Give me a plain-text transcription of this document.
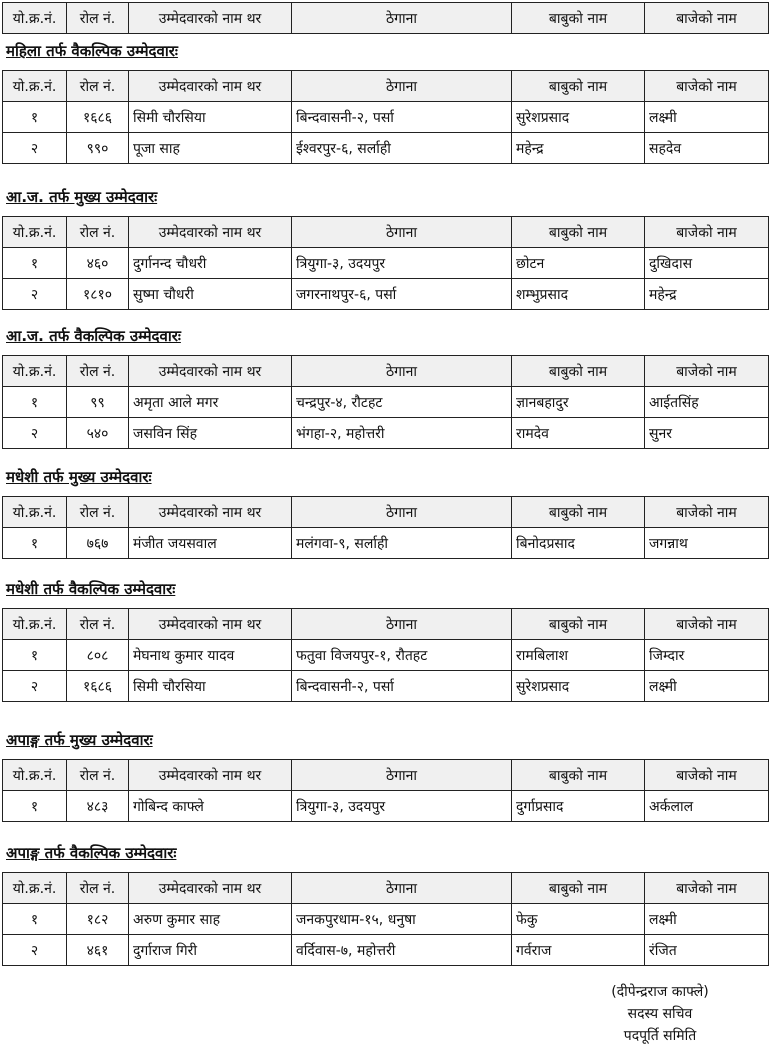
यो.क्र.नं.	रोल नं.	उम्मेदवारको नाम थर	ठेगाना	बाबुको नाम	बाजेको नाम
महिला तर्फ वैकल्पिक उम्मेदवारः
यो.क्र.नं.	रोल नं.	उम्मेदवारको नाम थर	ठेगाना	बाबुको नाम	बाजेको नाम
१	१६८६	सिमी चौरसिया	बिन्दवासनी-२, पर्सा	सुरेशप्रसाद	लक्ष्मी
२	९९०	पूजा साह	ईश्वरपुर-६, सर्लाही	महेन्द्र	सहदेव
आ.ज. तर्फ मुख्य उम्मेदवारः
यो.क्र.नं.	रोल नं.	उम्मेदवारको नाम थर	ठेगाना	बाबुको नाम	बाजेको नाम
१	४६०	दुर्गानन्द चौधरी	त्रियुगा-३, उदयपुर	छोटन	दुखिदास
२	१८१०	सुष्मा चौधरी	जगरनाथपुर-६, पर्सा	शम्भुप्रसाद	महेन्द्र
आ.ज. तर्फ वैकल्पिक उम्मेदवारः
यो.क्र.नं.	रोल नं.	उम्मेदवारको नाम थर	ठेगाना	बाबुको नाम	बाजेको नाम
१	९९	अमृता आले मगर	चन्द्रपुर-४, रौटहट	ज्ञानबहादुर	आईतसिंह
२	५४०	जसविन सिंह	भंगहा-२, महोत्तरी	रामदेव	सुनर
मधेशी तर्फ मुख्य उम्मेदवारः
यो.क्र.नं.	रोल नं.	उम्मेदवारको नाम थर	ठेगाना	बाबुको नाम	बाजेको नाम
१	७६७	मंजीत जयसवाल	मलंगवा-९, सर्लाही	बिनोदप्रसाद	जगन्नाथ
मधेशी तर्फ वैकल्पिक उम्मेदवारः
यो.क्र.नं.	रोल नं.	उम्मेदवारको नाम थर	ठेगाना	बाबुको नाम	बाजेको नाम
१	८०८	मेघनाथ कुमार यादव	फतुवा विजयपुर-१, रौतहट	रामबिलाश	जिम्दार
२	१६८६	सिमी चौरसिया	बिन्दवासनी-२, पर्सा	सुरेशप्रसाद	लक्ष्मी
अपाङ्ग तर्फ मुख्य उम्मेदवारः
यो.क्र.नं.	रोल नं.	उम्मेदवारको नाम थर	ठेगाना	बाबुको नाम	बाजेको नाम
१	४८३	गोबिन्द काफ्ले	त्रियुगा-३, उदयपुर	दुर्गाप्रसाद	अर्कलाल
अपाङ्ग तर्फ वैकल्पिक उम्मेदवारः
यो.क्र.नं.	रोल नं.	उम्मेदवारको नाम थर	ठेगाना	बाबुको नाम	बाजेको नाम
१	१८२	अरुण कुमार साह	जनकपुरधाम-१५, धनुषा	फेकु	लक्ष्मी
२	४६१	दुर्गाराज गिरी	वर्दिवास-७, महोत्तरी	गर्वराज	रंजित
(दीपेन्द्रराज काफ्ले)
सदस्य सचिव
पदपूर्ति समिति
